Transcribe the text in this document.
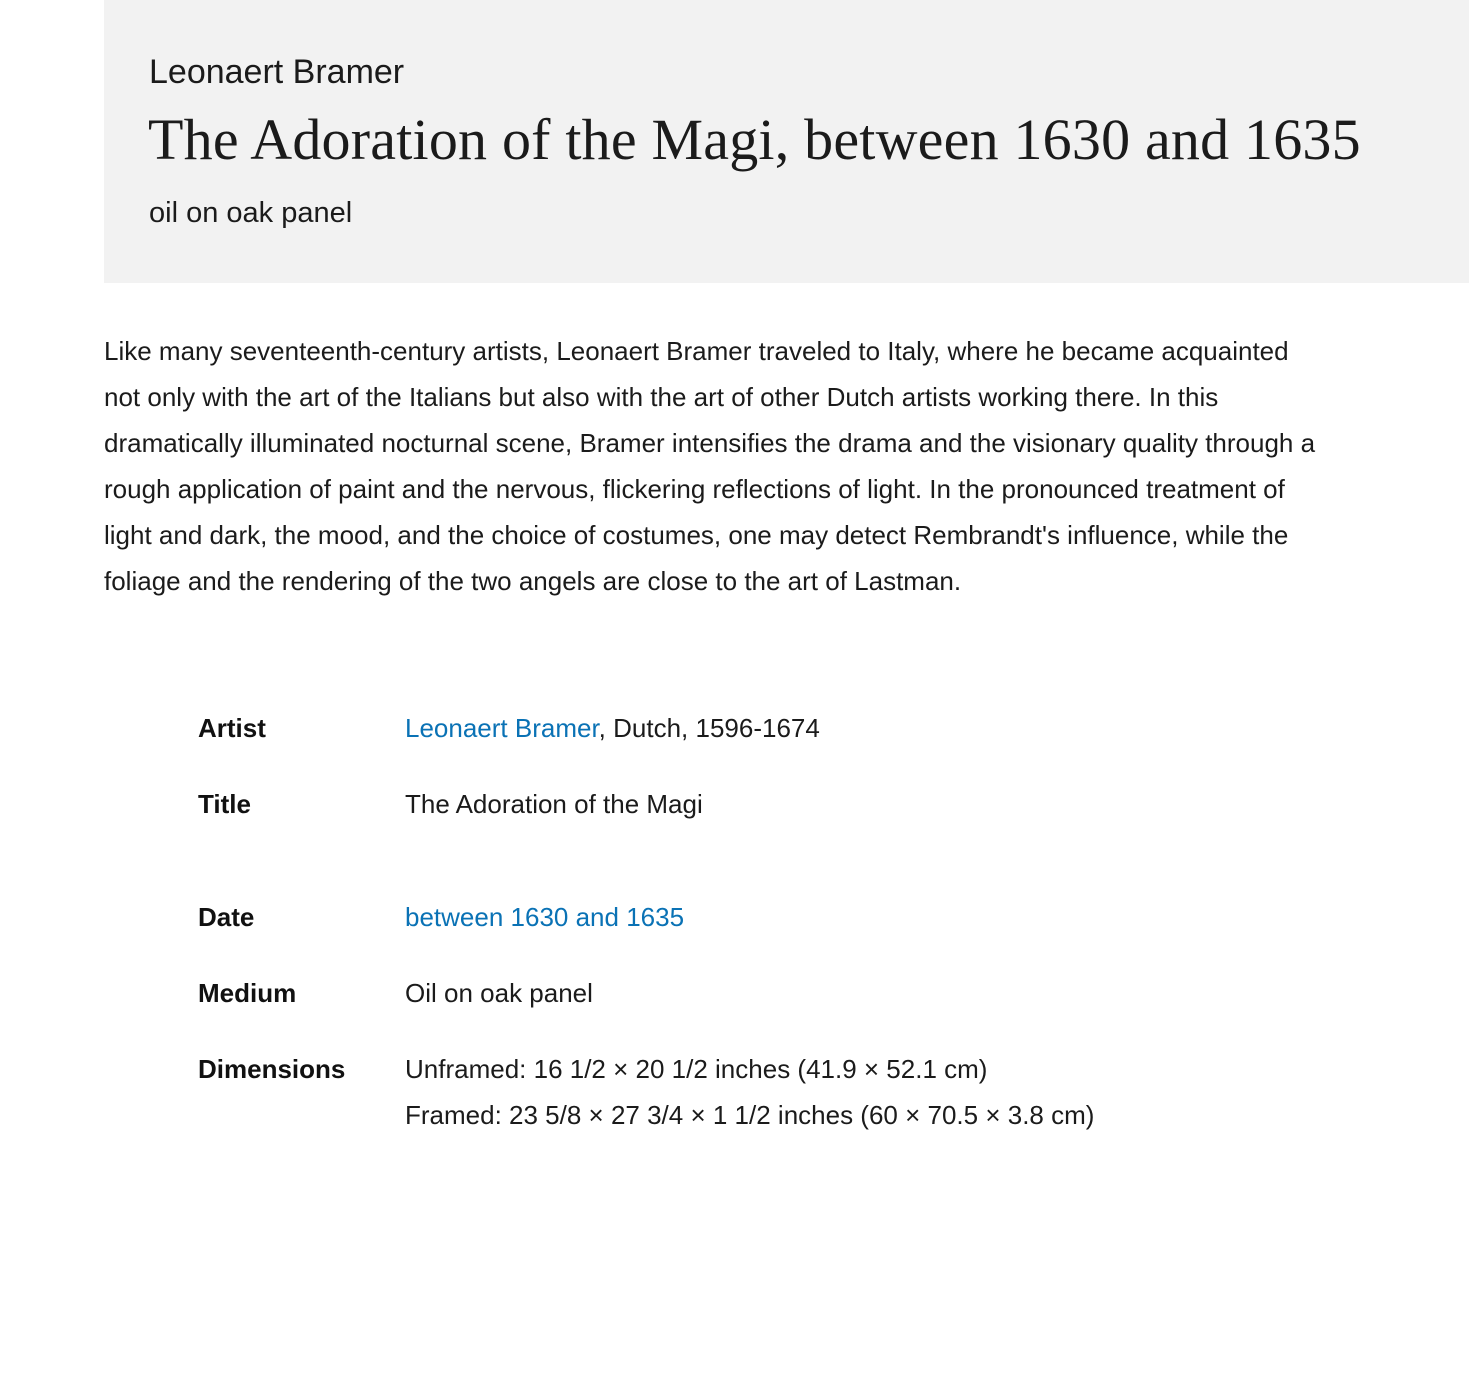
Leonaert Bramer
The Adoration of the Magi, between 1630 and 1635
oil on oak panel
Like many seventeenth-century artists, Leonaert Bramer traveled to Italy, where he became acquainted not only with the art of the Italians but also with the art of other Dutch artists working there. In this dramatically illuminated nocturnal scene, Bramer intensifies the drama and the visionary quality through a rough application of paint and the nervous, flickering reflections of light. In the pronounced treatment of light and dark, the mood, and the choice of costumes, one may detect Rembrandt's influence, while the foliage and the rendering of the two angels are close to the art of Lastman.
Artist	Leonaert Bramer, Dutch, 1596-1674
Title	The Adoration of the Magi
Date	between 1630 and 1635
Medium	Oil on oak panel
Dimensions Unframed: 16 1/2 × 20 1/2 inches (41.9 × 52.1 cm)
Framed: 23 5/8 × 27 3/4 × 1 1/2 inches (60 × 70.5 × 3.8 cm)
